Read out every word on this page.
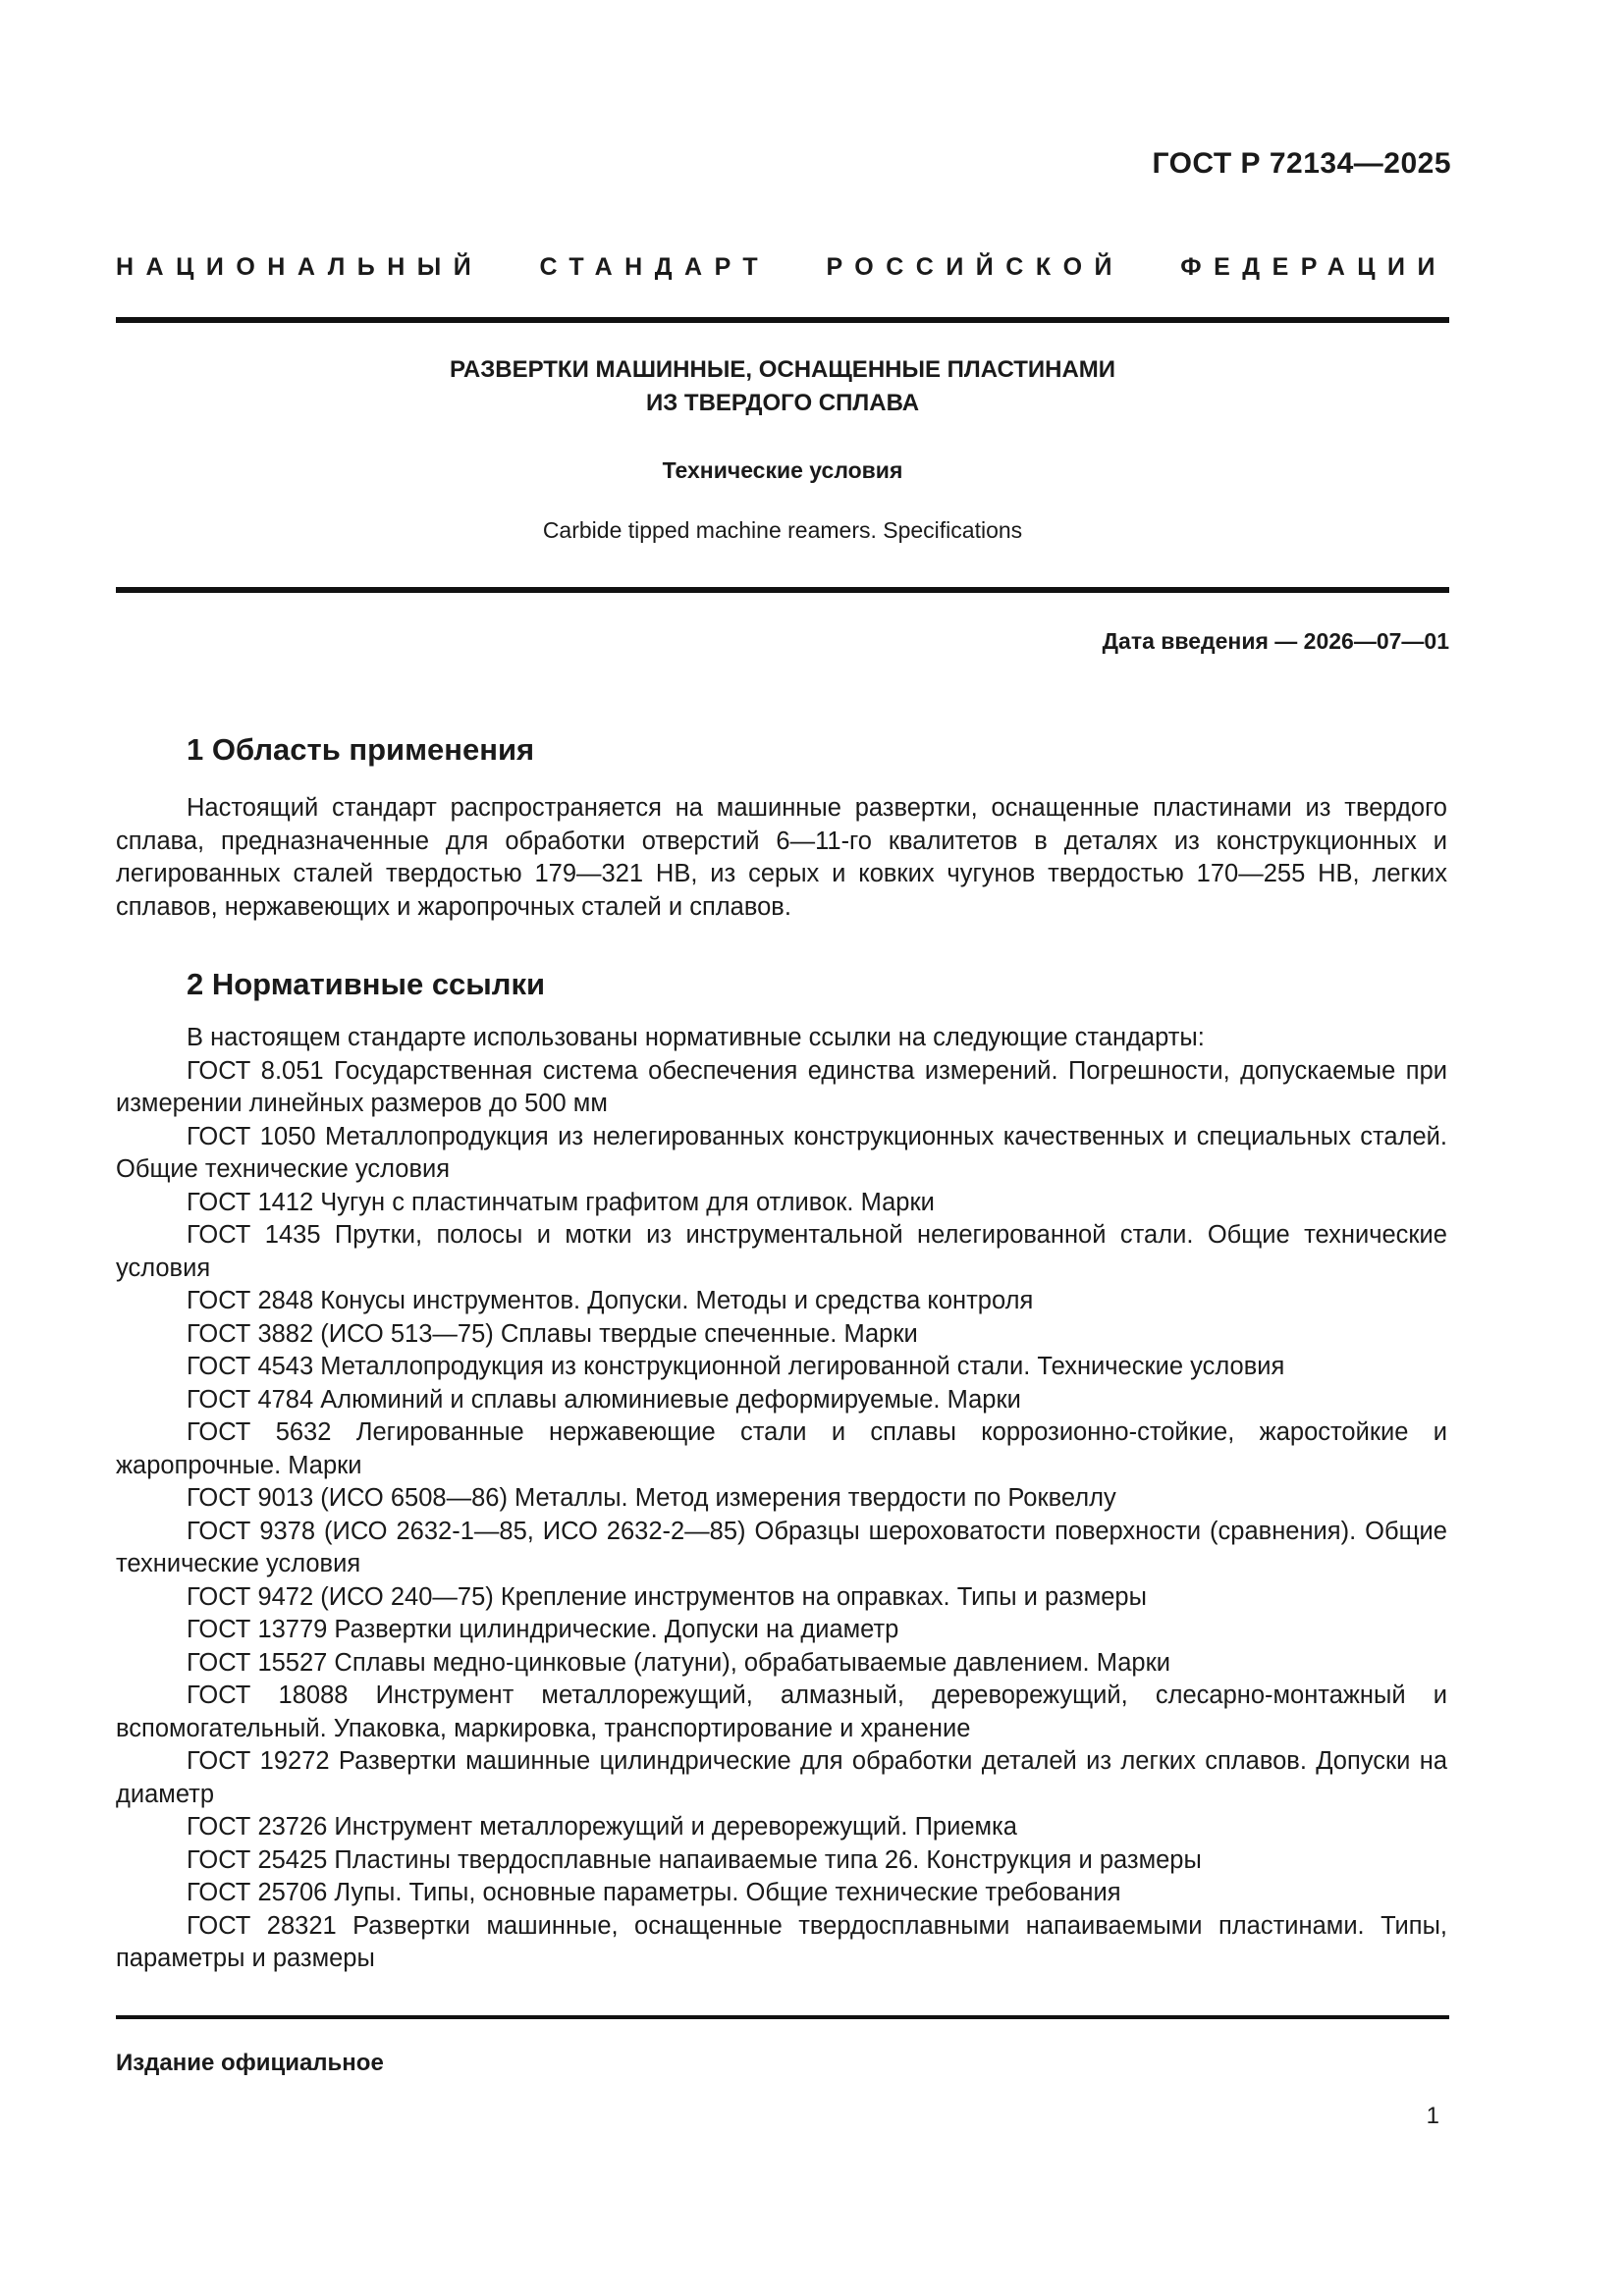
ГОСТ Р 72134—2025
НАЦИОНАЛЬНЫЙ СТАНДАРТ РОССИЙСКОЙ ФЕДЕРАЦИИ
РАЗВЕРТКИ МАШИННЫЕ, ОСНАЩЕННЫЕ ПЛАСТИНАМИ
ИЗ ТВЕРДОГО СПЛАВА
Технические условия
Carbide tipped machine reamers. Specifications
Дата введения — 2026—07—01
1 Область применения

Настоящий стандарт распространяется на машинные развертки, оснащенные пластинами из твердого сплава, предназначенные для обработки отверстий 6—11-го квалитетов в деталях из конструкционных и легированных сталей твердостью 179—321 НВ, из серых и ковких чугунов твердостью 170—255 НВ, легких сплавов, нержавеющих и жаропрочных сталей и сплавов.

2 Нормативные ссылки

В настоящем стандарте использованы нормативные ссылки на следующие стандарты:

ГОСТ 8.051 Государственная система обеспечения единства измерений. Погрешности, допускаемые при измерении линейных размеров до 500 мм

ГОСТ 1050 Металлопродукция из нелегированных конструкционных качественных и специальных сталей. Общие технические условия

ГОСТ 1412 Чугун с пластинчатым графитом для отливок. Марки

ГОСТ 1435 Прутки, полосы и мотки из инструментальной нелегированной стали. Общие технические условия

ГОСТ 2848 Конусы инструментов. Допуски. Методы и средства контроля

ГОСТ 3882 (ИСО 513—75) Сплавы твердые спеченные. Марки

ГОСТ 4543 Металлопродукция из конструкционной легированной стали. Технические условия

ГОСТ 4784 Алюминий и сплавы алюминиевые деформируемые. Марки

ГОСТ 5632 Легированные нержавеющие стали и сплавы коррозионно-стойкие, жаростойкие и жаропрочные. Марки

ГОСТ 9013 (ИСО 6508—86) Металлы. Метод измерения твердости по Роквеллу

ГОСТ 9378 (ИСО 2632-1—85, ИСО 2632-2—85) Образцы шероховатости поверхности (сравнения). Общие технические условия

ГОСТ 9472 (ИСО 240—75) Крепление инструментов на оправках. Типы и размеры

ГОСТ 13779 Развертки цилиндрические. Допуски на диаметр

ГОСТ 15527 Сплавы медно-цинковые (латуни), обрабатываемые давлением. Марки

ГОСТ 18088 Инструмент металлорежущий, алмазный, дереворежущий, слесарно-монтажный и вспомогательный. Упаковка, маркировка, транспортирование и хранение

ГОСТ 19272 Развертки машинные цилиндрические для обработки деталей из легких сплавов. Допуски на диаметр

ГОСТ 23726 Инструмент металлорежущий и дереворежущий. Приемка

ГОСТ 25425 Пластины твердосплавные напаиваемые типа 26. Конструкция и размеры

ГОСТ 25706 Лупы. Типы, основные параметры. Общие технические требования

ГОСТ 28321 Развертки машинные, оснащенные твердосплавными напаиваемыми пластинами. Типы, параметры и размеры

Издание официальное
1
